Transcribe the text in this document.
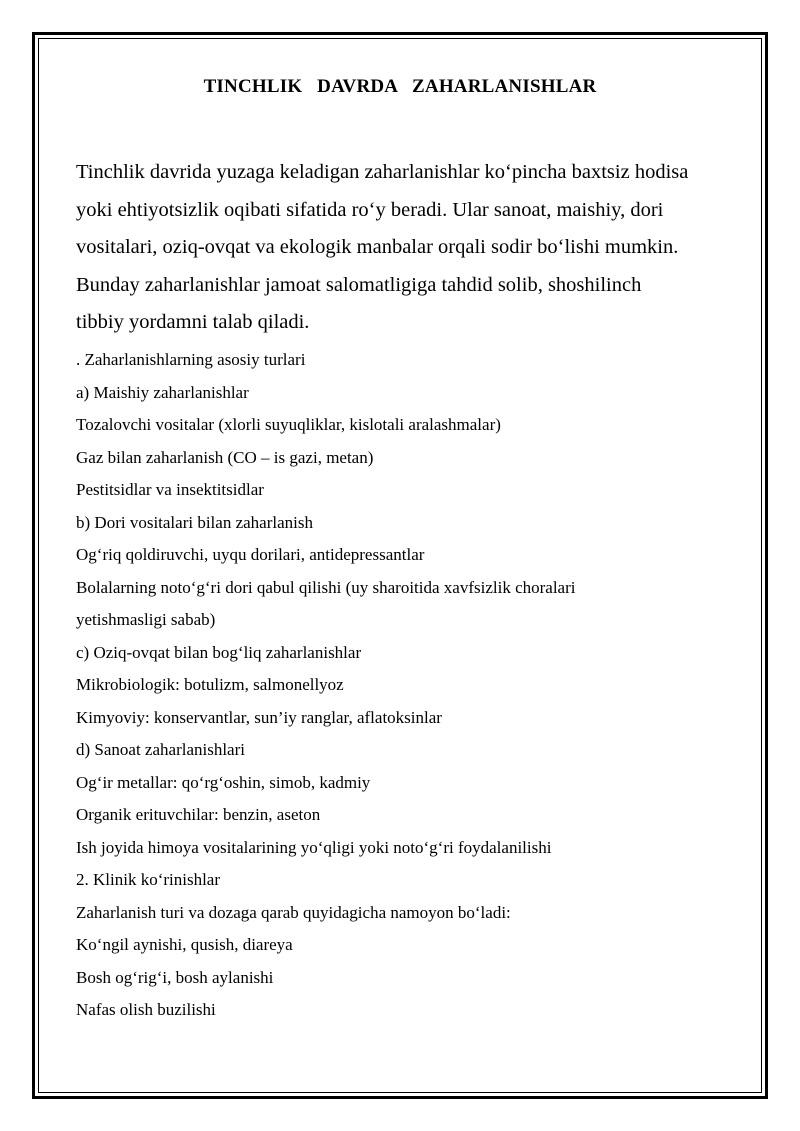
TINCHLIK   DAVRDA   ZAHARLANISHLAR
Tinchlik davrida yuzaga keladigan zaharlanishlar ko‘pincha baxtsiz hodisa
yoki ehtiyotsizlik oqibati sifatida ro‘y beradi. Ular sanoat, maishiy, dori
vositalari, oziq-ovqat va ekologik manbalar orqali sodir bo‘lishi mumkin.
Bunday zaharlanishlar jamoat salomatligiga tahdid solib, shoshilinch
tibbiy yordamni talab qiladi.
. Zaharlanishlarning asosiy turlari
a) Maishiy zaharlanishlar
Tozalovchi vositalar (xlorli suyuqliklar, kislotali aralashmalar)
Gaz bilan zaharlanish (CO – is gazi, metan)
Pestitsidlar va insektitsidlar
b) Dori vositalari bilan zaharlanish
Og‘riq qoldiruvchi, uyqu dorilari, antidepressantlar
Bolalarning noto‘g‘ri dori qabul qilishi (uy sharoitida xavfsizlik choralari
yetishmasligi sabab)
c) Oziq-ovqat bilan bog‘liq zaharlanishlar
Mikrobiologik: botulizm, salmonellyoz
Kimyoviy: konservantlar, sun’iy ranglar, aflatoksinlar
d) Sanoat zaharlanishlari
Og‘ir metallar: qo‘rg‘oshin, simob, kadmiy
Organik erituvchilar: benzin, aseton
Ish joyida himoya vositalarining yo‘qligi yoki noto‘g‘ri foydalanilishi
2. Klinik ko‘rinishlar
Zaharlanish turi va dozaga qarab quyidagicha namoyon bo‘ladi:
Ko‘ngil aynishi, qusish, diareya
Bosh og‘rig‘i, bosh aylanishi
Nafas olish buzilishi
